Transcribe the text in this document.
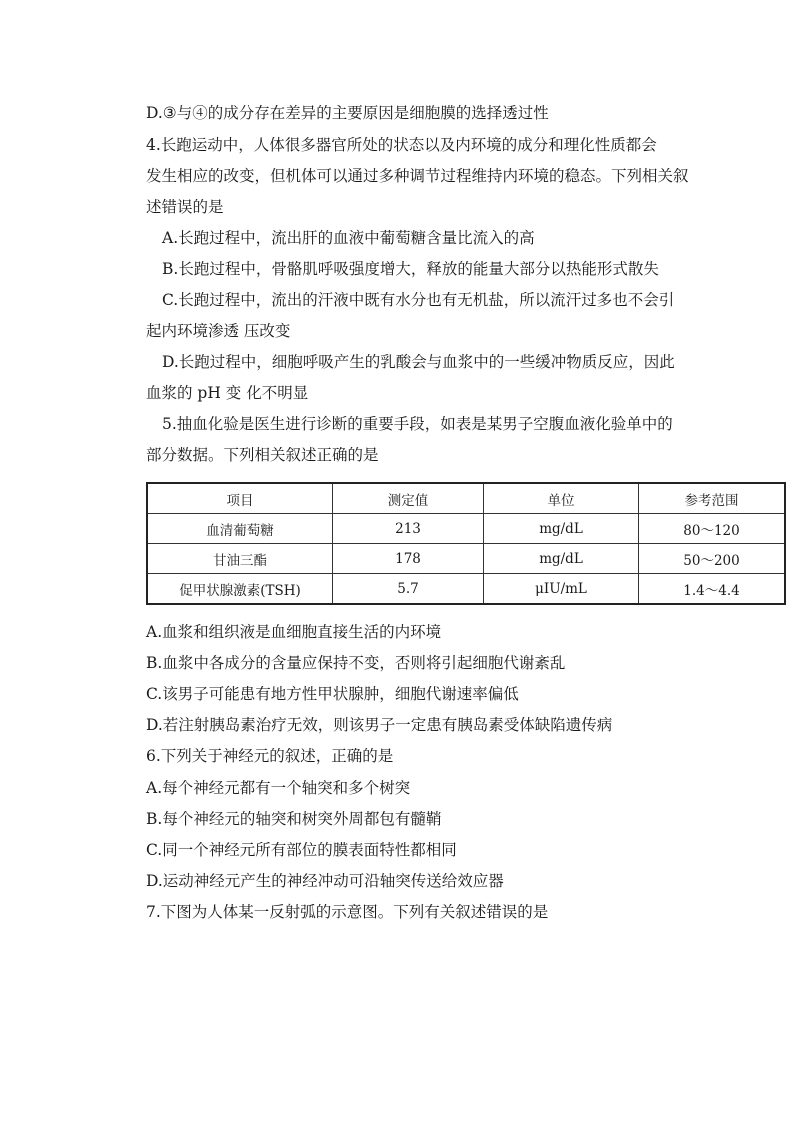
D.③与④的成分存在差异的主要原因是细胞膜的选择透过性
4.长跑运动中，人体很多器官所处的状态以及内环境的成分和理化性质都会
发生相应的改变，但机体可以通过多种调节过程维持内环境的稳态。下列相关叙
述错误的是
A.长跑过程中，流出肝的血液中葡萄糖含量比流入的高
B.长跑过程中，骨骼肌呼吸强度增大，释放的能量大部分以热能形式散失
C.长跑过程中，流出的汗液中既有水分也有无机盐，所以流汗过多也不会引
起内环境渗透 压改变
D.长跑过程中，细胞呼吸产生的乳酸会与血浆中的一些缓冲物质反应，因此
血浆的 pH 变 化不明显
5.抽血化验是医生进行诊断的重要手段，如表是某男子空腹血液化验单中的
部分数据。下列相关叙述正确的是
项目	测定值	单位	参考范围
血清葡萄糖	213	mg/dL	80～120
甘油三酯	178	mg/dL	50～200
促甲状腺激素(TSH)	5.7	μIU/mL	1.4～4.4
A.血浆和组织液是血细胞直接生活的内环境
B.血浆中各成分的含量应保持不变，否则将引起细胞代谢紊乱
C.该男子可能患有地方性甲状腺肿，细胞代谢速率偏低
D.若注射胰岛素治疗无效，则该男子一定患有胰岛素受体缺陷遗传病
6.下列关于神经元的叙述，正确的是
A.每个神经元都有一个轴突和多个树突
B.每个神经元的轴突和树突外周都包有髓鞘
C.同一个神经元所有部位的膜表面特性都相同
D.运动神经元产生的神经冲动可沿轴突传送给效应器
7.下图为人体某一反射弧的示意图。下列有关叙述错误的是
